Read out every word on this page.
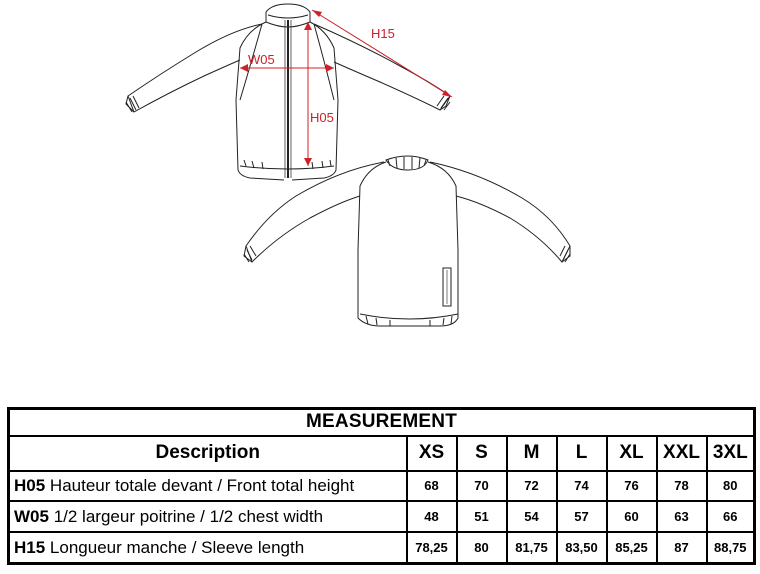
H15
W05
H05
MEASUREMENT							
Description	XS	S	M	L	XL	XXL	3XL
H05 Hauteur totale devant / Front total height	68	70	72	74	76	78	80
W05 1/2 largeur poitrine / 1/2 chest width	48	51	54	57	60	63	66
H15 Longueur manche / Sleeve length	78,25	80	81,75	83,50	85,25	87	88,75
